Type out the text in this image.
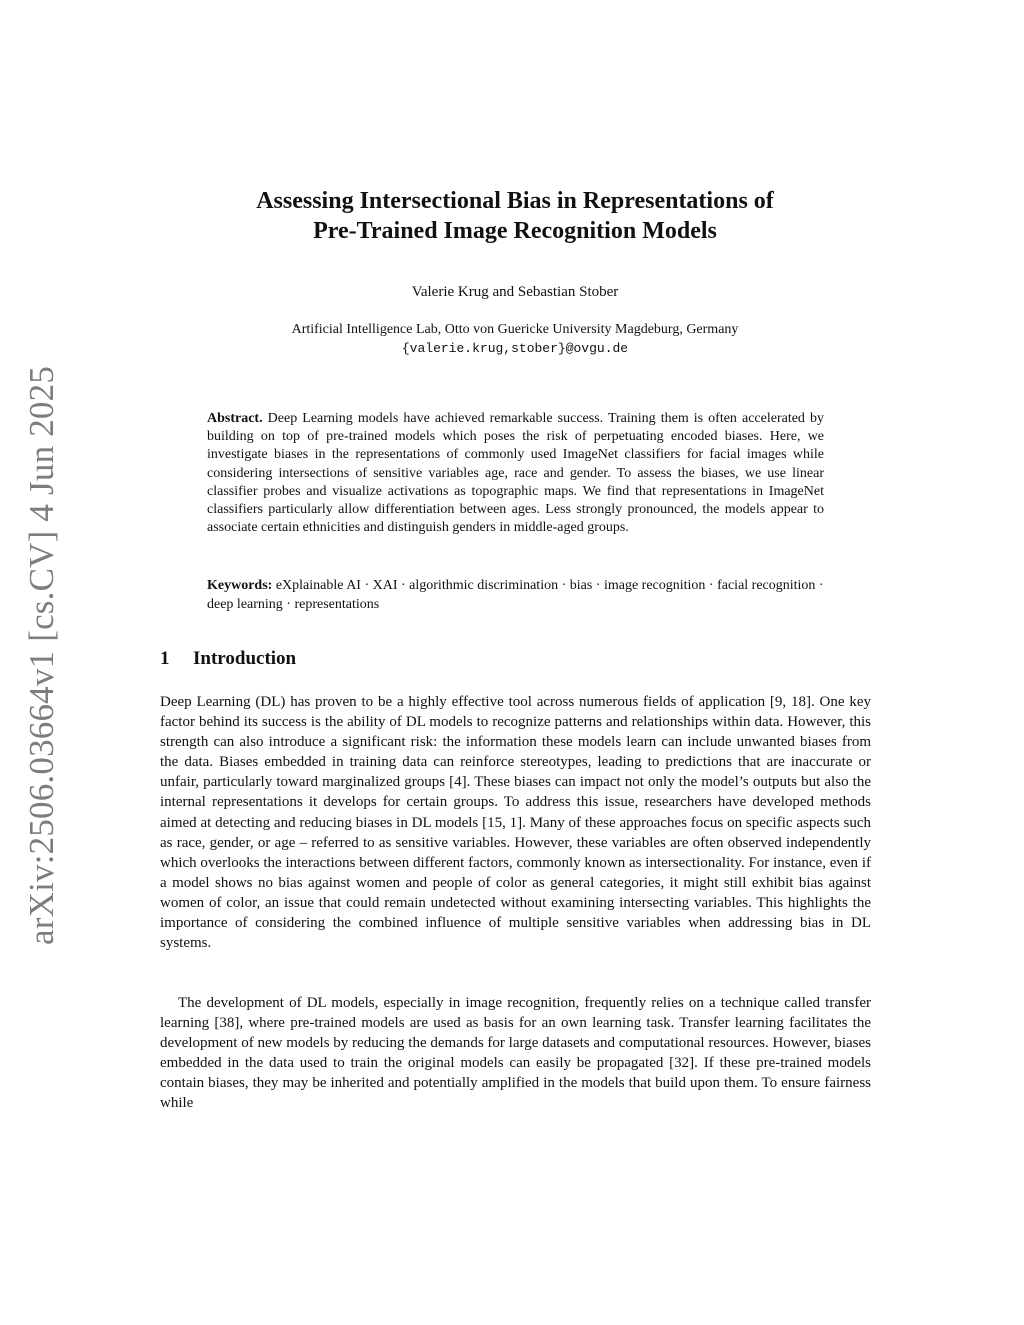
arXiv:2506.03664v1 [cs.CV] 4 Jun 2025
Assessing Intersectional Bias in Representations of
Pre-Trained Image Recognition Models
Valerie Krug and Sebastian Stober
Artificial Intelligence Lab, Otto von Guericke University Magdeburg, Germany
{valerie.krug,stober}@ovgu.de
Abstract. Deep Learning models have achieved remarkable success. Training them is often accelerated by building on top of pre-trained models which poses the risk of perpetuating encoded biases. Here, we investigate biases in the representations of commonly used ImageNet classifiers for facial images while considering intersections of sensitive variables age, race and gender. To assess the biases, we use linear classifier probes and visualize activations as topographic maps. We find that representations in ImageNet classifiers particularly allow differentiation between ages. Less strongly pronounced, the models appear to associate certain ethnicities and distinguish genders in middle-aged groups.
Keywords: eXplainable AI · XAI · algorithmic discrimination · bias · image recognition · facial recognition · deep learning · representations
1 Introduction

Deep Learning (DL) has proven to be a highly effective tool across numerous fields of application [9, 18]. One key factor behind its success is the ability of DL models to recognize patterns and relationships within data. However, this strength can also introduce a significant risk: the information these models learn can include unwanted biases from the data. Biases embedded in training data can reinforce stereotypes, leading to predictions that are inaccurate or unfair, particularly toward marginalized groups [4]. These biases can impact not only the model’s outputs but also the internal representations it develops for certain groups. To address this issue, researchers have developed methods aimed at detecting and reducing biases in DL models [15, 1]. Many of these approaches focus on specific aspects such as race, gender, or age – referred to as sensitive variables. However, these variables are often observed independently which overlooks the interactions between different factors, commonly known as intersectionality. For instance, even if a model shows no bias against women and people of color as general categories, it might still exhibit bias against women of color, an issue that could remain undetected without examining intersecting variables. This highlights the importance of considering the combined influence of multiple sensitive variables when addressing bias in DL systems.

The development of DL models, especially in image recognition, frequently relies on a technique called transfer learning [38], where pre-trained models are used as basis for an own learning task. Transfer learning facilitates the development of new models by reducing the demands for large datasets and computational resources. However, biases embedded in the data used to train the original models can easily be propagated [32]. If these pre-trained models contain biases, they may be inherited and potentially amplified in the models that build upon them. To ensure fairness while
